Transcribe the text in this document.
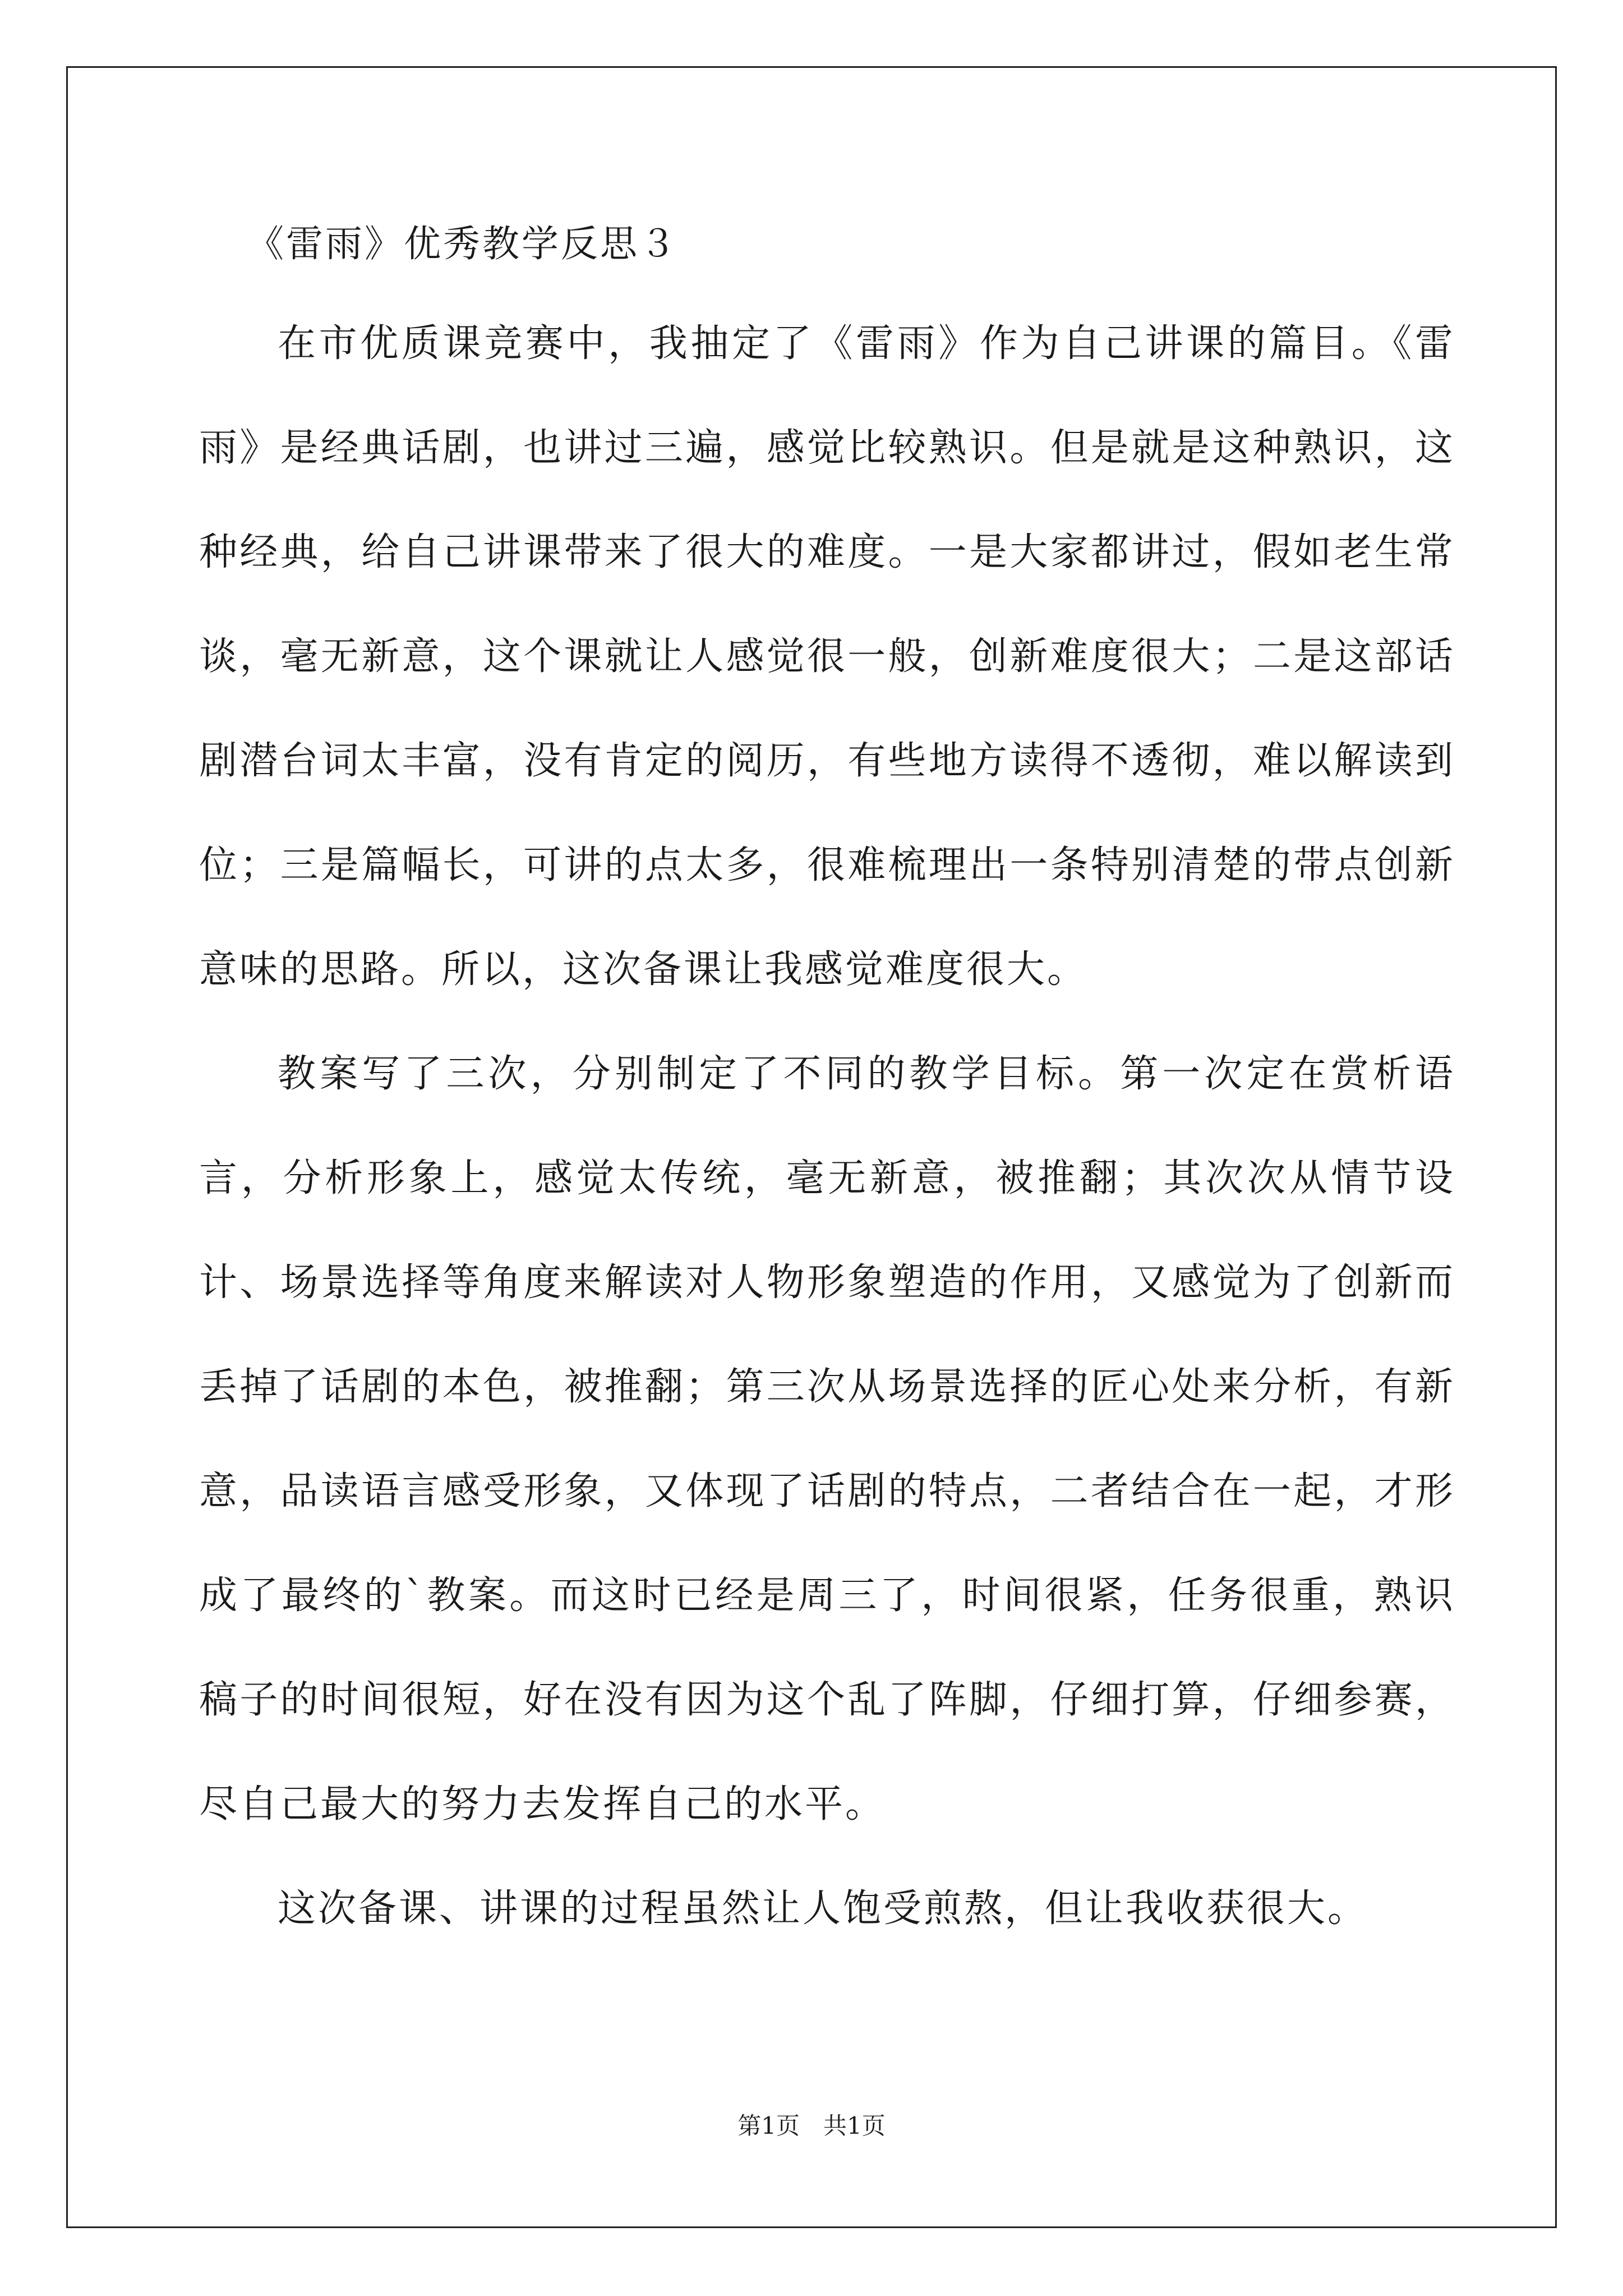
《雷雨》优秀教学反思３

在市优质课竞赛中，我抽定了《雷雨》作为自己讲课的篇目。《雷雨》是经典话剧，也讲过三遍，感觉比较熟识。但是就是这种熟识，这种经典，给自己讲课带来了很大的难度。一是大家都讲过，假如老生常谈，毫无新意，这个课就让人感觉很一般，创新难度很大；二是这部话剧潜台词太丰富，没有肯定的阅历，有些地方读得不透彻，难以解读到位；三是篇幅长，可讲的点太多，很难梳理出一条特别清楚的带点创新意味的思路。所以，这次备课让我感觉难度很大。

教案写了三次，分别制定了不同的教学目标。第一次定在赏析语言，分析形象上，感觉太传统，毫无新意，被推翻；其次次从情节设计、场景选择等角度来解读对人物形象塑造的作用，又感觉为了创新而丢掉了话剧的本色，被推翻；第三次从场景选择的匠心处来分析，有新意，品读语言感受形象，又体现了话剧的特点，二者结合在一起，才形成了最终的`教案。而这时已经是周三了，时间很紧，任务很重，熟识稿子的时间很短，好在没有因为这个乱了阵脚，仔细打算，仔细参赛，尽自己最大的努力去发挥自己的水平。

这次备课、讲课的过程虽然让人饱受煎熬，但让我收获很大。

第1页　共1页
